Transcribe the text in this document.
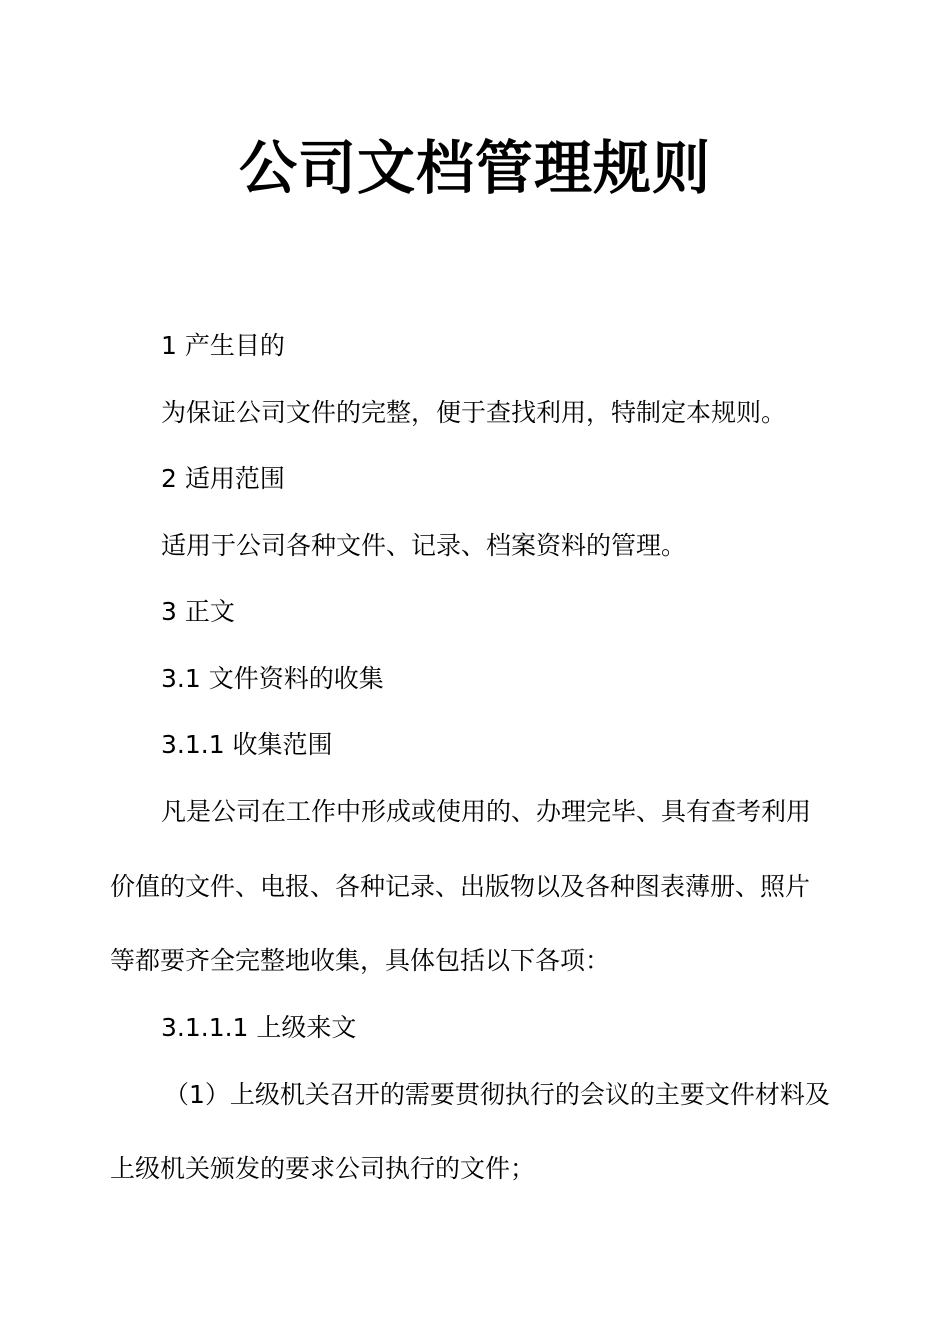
公司文档管理规则
1 产生目的
为保证公司文件的完整，便于查找利用，特制定本规则。
2 适用范围
适用于公司各种文件、记录、档案资料的管理。
3 正文
3.1 文件资料的收集
3.1.1 收集范围
凡是公司在工作中形成或使用的、办理完毕、具有查考利用
价值的文件、电报、各种记录、出版物以及各种图表薄册、照片
等都要齐全完整地收集，具体包括以下各项：
3.1.1.1 上级来文
（1）上级机关召开的需要贯彻执行的会议的主要文件材料及
上级机关颁发的要求公司执行的文件；
